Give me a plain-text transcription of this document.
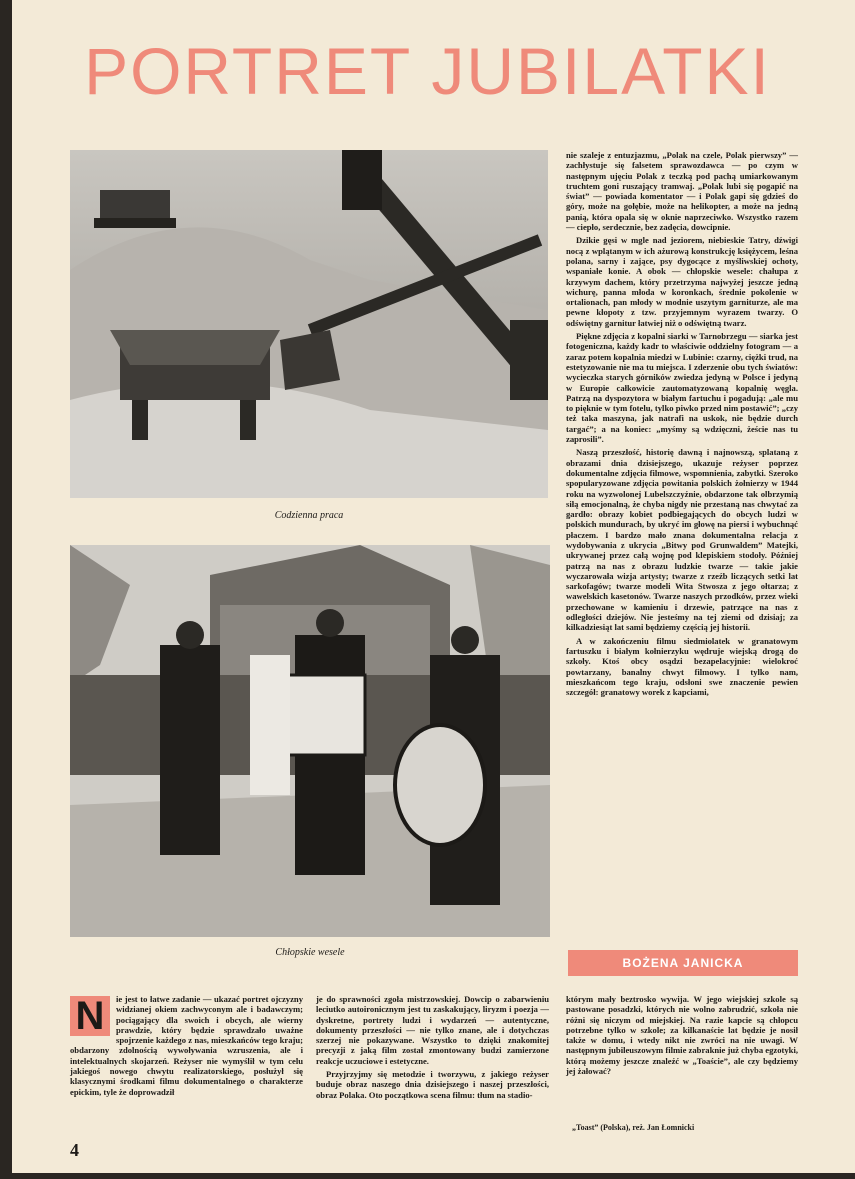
PORTRET JUBILATKI
Codzienna praca
Chłopskie wesele

nie szaleje z entuzjazmu, „Polak na czele, Polak pierwszy” — zachłystuje się falsetem sprawozdawca — po czym w następnym ujęciu Polak z teczką pod pachą umiarkowanym truchtem goni ruszający tramwaj. „Polak lubi się pogapić na świat” — powiada komentator — i Polak gapi się gdzieś do góry, może na gołębie, może na helikopter, a może na jedną panią, która opala się w oknie naprzeciwko. Wszystko razem — ciepło, serdecznie, bez zadęcia, dowcipnie.

Dzikie gęsi w mgle nad jeziorem, niebieskie Tatry, dźwigi nocą z wplątanym w ich ażurową konstrukcję księżycem, leśna polana, sarny i zające, psy dygocące z myśliwskiej ochoty, wspaniałe konie. A obok — chłopskie wesele: chałupa z krzywym dachem, który przetrzyma najwyżej jeszcze jedną wichurę, panna młoda w koronkach, średnie pokolenie w ortalionach, pan młody w modnie uszytym garniturze, ale ma pewne kłopoty z tzw. przyjemnym wyrazem twarzy. O odświętny garnitur łatwiej niż o odświętną twarz.

Piękne zdjęcia z kopalni siarki w Tarnobrzegu — siarka jest fotogeniczna, każdy kadr to właściwie oddzielny fotogram — a zaraz potem kopalnia miedzi w Lubinie: czarny, ciężki trud, na estetyzowanie nie ma tu miejsca. I zderzenie obu tych światów: wycieczka starych górników zwiedza jedyną w Polsce i jedyną w Europie całkowicie zautomatyzowaną kopalnię węgla. Patrzą na dyspozytora w białym fartuchu i pogadują: „ale mu to pięknie w tym fotelu, tylko piwko przed nim postawić”; „czy też taka maszyna, jak natrafi na uskok, nie będzie durch targać”; a na koniec: „myśmy są wdzięczni, żeście nas tu zaprosili”.

Naszą przeszłość, historię dawną i najnowszą, splataną z obrazami dnia dzisiejszego, ukazuje reżyser poprzez dokumentalne zdjęcia filmowe, wspomnienia, zabytki. Szeroko spopularyzowane zdjęcia powitania polskich żołnierzy w 1944 roku na wyzwolonej Lubelszczyźnie, obdarzone tak olbrzymią siłą emocjonalną, że chyba nigdy nie przestaną nas chwytać za gardło: obrazy kobiet podbiegających do obcych ludzi w polskich mundurach, by ukryć im głowę na piersi i wybuchnąć płaczem. I bardzo mało znana dokumentalna relacja z wydobywania z ukrycia „Bitwy pod Grunwaldem” Matejki, ukrywanej przez całą wojnę pod klepiskiem stodoły. Później patrzą na nas z obrazu ludzkie twarze — takie jakie wyczarowała wizja artysty; twarze z rzeźb liczących setki lat sarkofagów; twarze modeli Wita Stwosza z jego ołtarza; z wawelskich kasetonów. Twarze naszych przodków, przez wieki przechowane w kamieniu i drzewie, patrzące na nas z odległości dziejów. Nie jesteśmy na tej ziemi od dzisiaj; za kilkadziesiąt lat sami będziemy częścią jej historii.

A w zakończeniu filmu siedmiolatek w granatowym fartuszku i białym kołnierzyku wędruje wiejską drogą do szkoły. Ktoś obcy osądzi bezapelacyjnie: wielokroć powtarzany, banalny chwyt filmowy. I tylko nam, mieszkańcom tego kraju, odsłoni swe znaczenie pewien szczegół: granatowy worek z kapciami,

BOŻENA JANICKA

N	ie jest to łatwe zadanie — ukazać portret ojczyzny widzianej okiem zachwyconym ale i badawczym; pociągający dla swoich i obcych, ale wierny prawdzie, który będzie sprawdzało uważne spojrzenie każdego z nas, mieszkańców tego kraju; obdarzony zdolnością wywoływania wzruszenia, ale i intelektualnych skojarzeń. Reżyser nie wymyślił w tym celu jakiegoś nowego chwytu realizatorskiego, posłużył się klasycznymi środkami filmu dokumentalnego o charakterze epickim, tyle że doprowadził

je do sprawności zgoła mistrzowskiej. Dowcip o zabarwieniu leciutko autoironicznym jest tu zaskakujący, liryzm i poezja — dyskretne, portrety ludzi i wydarzeń — autentyczne, dokumenty przeszłości — nie tylko znane, ale i dotychczas szerzej nie pokazywane. Wszystko to dzięki znakomitej precyzji z jaką film został zmontowany budzi zamierzone reakcje uczuciowe i estetyczne.

Przyjrzyjmy się metodzie i tworzywu, z jakiego reżyser buduje obraz naszego dnia dzisiejszego i naszej przeszłości, obraz Polaka. Oto początkowa scena filmu: tłum na stadio-

którym mały beztrosko wywija. W jego wiejskiej szkole są pastowane posadzki, których nie wolno zabrudzić, szkoła nie różni się niczym od miejskiej. Na razie kapcie są chłopcu potrzebne tylko w szkole; za kilkanaście lat będzie je nosił także w domu, i wtedy nikt nie zwróci na nie uwagi. W następnym jubileuszowym filmie zabraknie już chyba egzotyki, którą możemy jeszcze znaleźć w „Toaście”, ale czy będziemy jej żałować?

„Toast” (Polska), reż. Jan Łomnicki
4
